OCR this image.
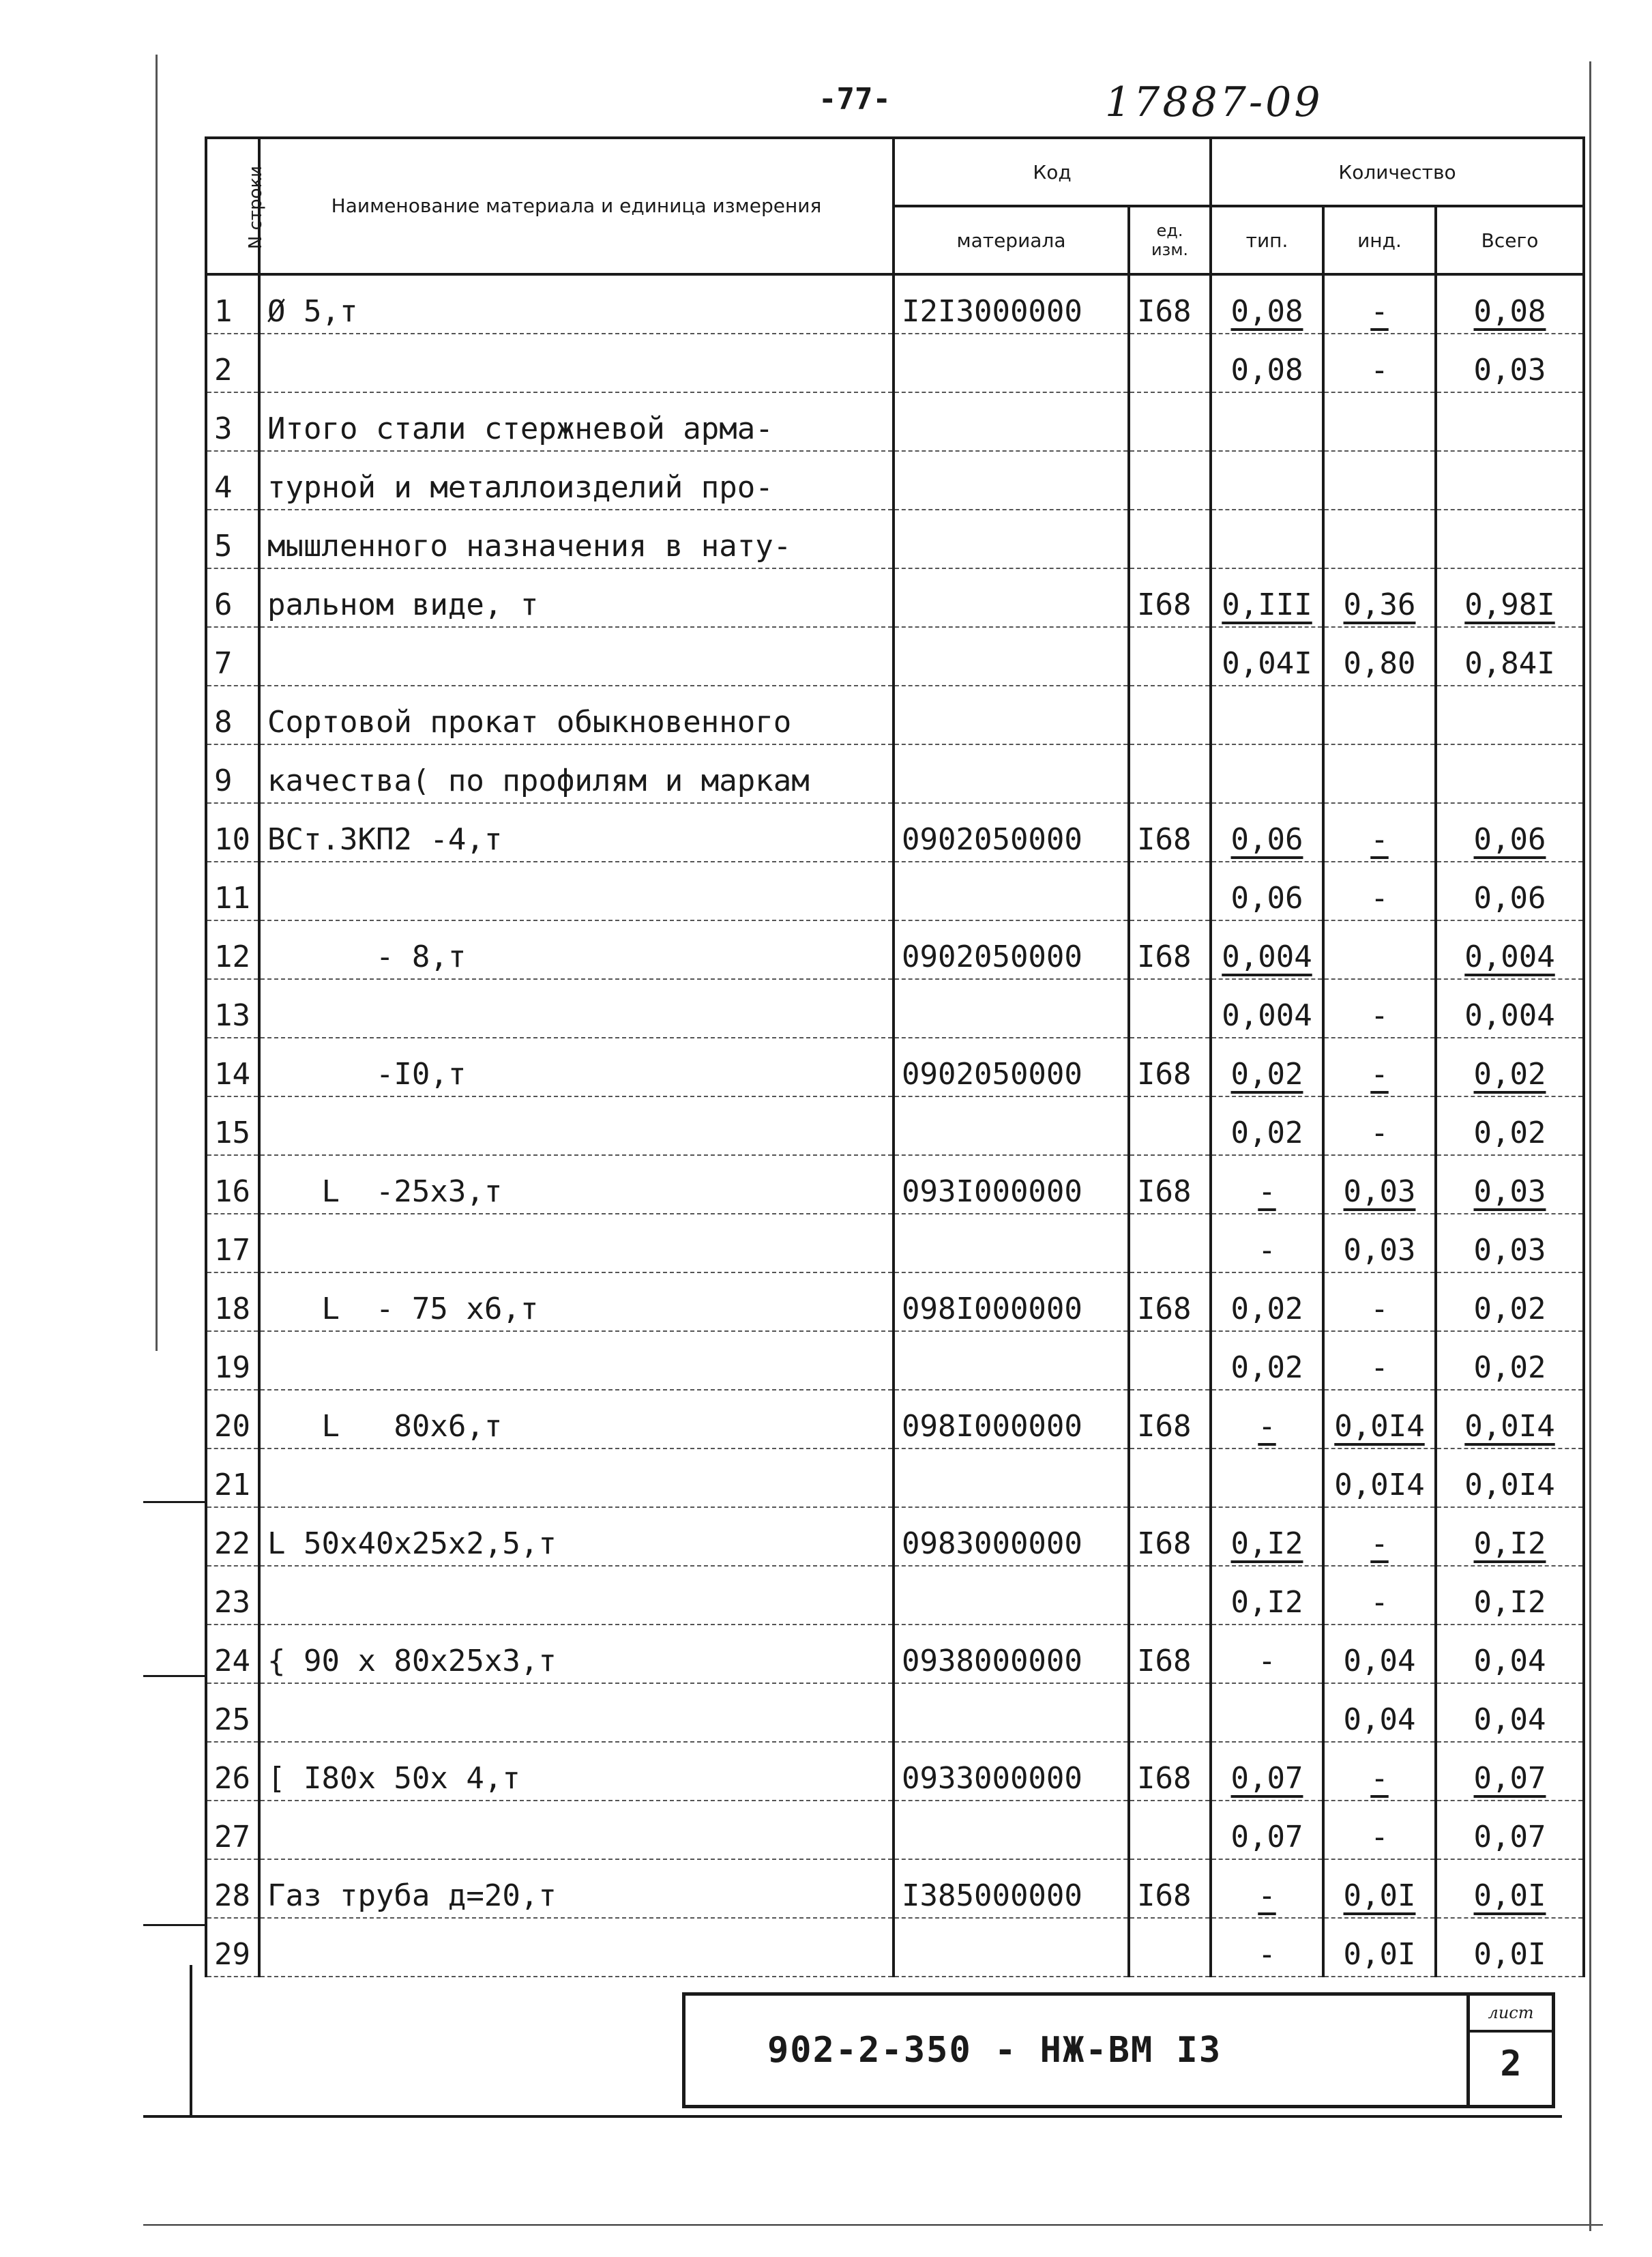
-77-	17887-09
N строки	Наименование материала и единица измерения	Код		Количество		
		материала	ед. изм.	тип.	инд.	Всего
1	Ø 5,т	I2I3000000	I68	0,08	-	0,08
2				0,08	-	0,03
3	Итого стали стержневой арма-					
4	турной и металлоизделий про-					
5	мышленного назначения в нату-					
6	ральном виде, т		I68	0,III	0,36	0,98I
7				0,04I	0,80	0,84I
8	Сортовой прокат обыкновенного					
9	качества( по профилям и маркам					
10	ВСт.3КП2 -4,т	0902050000	I68	0,06	-	0,06
11				0,06	-	0,06
12	- 8,т	0902050000	I68	0,004		0,004
13				0,004	-	0,004
14	-I0,т	0902050000	I68	0,02	-	0,02
15				0,02	-	0,02
16	L  -25x3,т	093I000000	I68	-	0,03	0,03
17				-	0,03	0,03
18	L  - 75 x6,т	098I000000	I68	0,02	-	0,02
19				0,02	-	0,02
20	L   80x6,т	098I000000	I68	-	0,0I4	0,0I4
21					0,0I4	0,0I4
22	L 50x40x25x2,5,т	0983000000	I68	0,I2	-	0,I2
23				0,I2	-	0,I2
24	{ 90 x 80x25x3,т	0938000000	I68	-	0,04	0,04
25					0,04	0,04
26	[ I80x 50x 4,т	0933000000	I68	0,07	-	0,07
27				0,07	-	0,07
28	Газ труба д=20,т	I385000000	I68	-	0,0I	0,0I
29				-	0,0I	0,0I
902-2-350 - НЖ-ВМ I3
лист
2
